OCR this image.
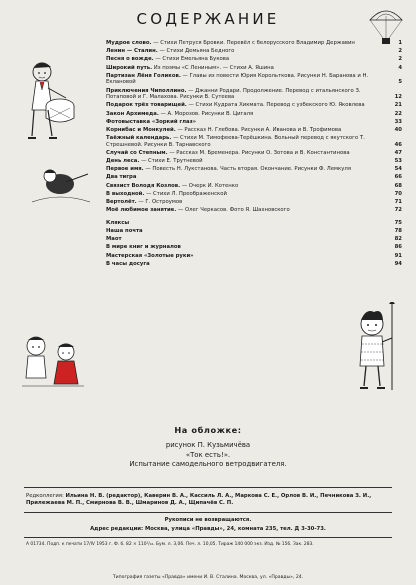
СОДЕРЖАНИЕ
Мудрое слово. — Стихи Петруся Бровки. Перевёл с белорусского Владимир Державин	1
Ленин — Сталин. — Стихи Демьяна Бедного	2
Песня о вожде. — Стихи Емельяна Букова	2
Широкий путь. Из поэмы «С Лениным». — Стихи А. Яшина	4
Партизан Лёня Голиков. — Главы из повести Юрия Корольткова. Рисунки Н. Баранова и Н. Еклановой	5
Приключения Чиполлино. — Джанни Родари. Продолжение. Перевод с итальянского З. Потаповой и Г. Малахова. Рисунки В. Сутеева	12
Подарок трёх товарищей. — Стихи Кудрата Хикмата. Перевод с узбекского Ю. Яковлева	21
Закон Архимеда. — А. Морозов. Рисунки В. Цигаля	22
Фотовыставка «Зоркий глаз»	33
Корнибас и Монкулей. — Рассказ Н. Глебова. Рисунки А. Иванова и В. Трофимова	40
Таёжный календарь. — Стихи М. Тимофеева-Терёшкина. Вольный перевод с якутского Т. Стрешневой. Рисунки В. Тарнавского	46
Случай со Степным. — Рассказ М. Бременера. Рисунки О. Зотова и В. Константинова	47
День леса. — Стихи Е. Трутневой	53
Первое имя. — Повесть Н. Лукстанова. Часть вторая. Окончание. Рисунки Ф. Лемкуля	54
Два тигра	66
Связист Володя Козлов. — Очерк И. Котенко	68
В выходной. — Стихи Л. Преображенской	70
Вертолёт. — Г. Остроумов	71
Моё любимое занятие. — Олег Черкасов. Фото Я. Шахновского	72
Кляксы	75
Наша почта	78
Маот	82
В мире книг и журналов	86
Мастерская «Золотые руки»	91
В часы досуга	94
На обложке:
рисунок П. Кузьмичёва
«Ток есть!».
Испытание самодельного ветродвигателя.
Редколлегия: Ильина Н. В. (редактор), Каверин В. А., Кассиль Л. А., Маркова С. Е., Орлов В. И., Печникова З. И., Прилежаева М. П., Смирнова В. В., Шмаринов Д. А., Щипачёв С. П.
Рукописи не возвращаются.
Адрес редакции: Москва, улица «Правды», 24, комната 235, тел. Д 3-30-73.
А 01734. Подп. к печати 17/IV 1953 г. Ф. б. 82 × 110¹/₁₆. Бум. л. 3,06. Печ. л. 10,05. Тираж 140 000 экз. Изд. № 156. Зак. 283.
Типография газеты «Правда» имени И. В. Сталина. Москва, ул. «Правды», 24.
